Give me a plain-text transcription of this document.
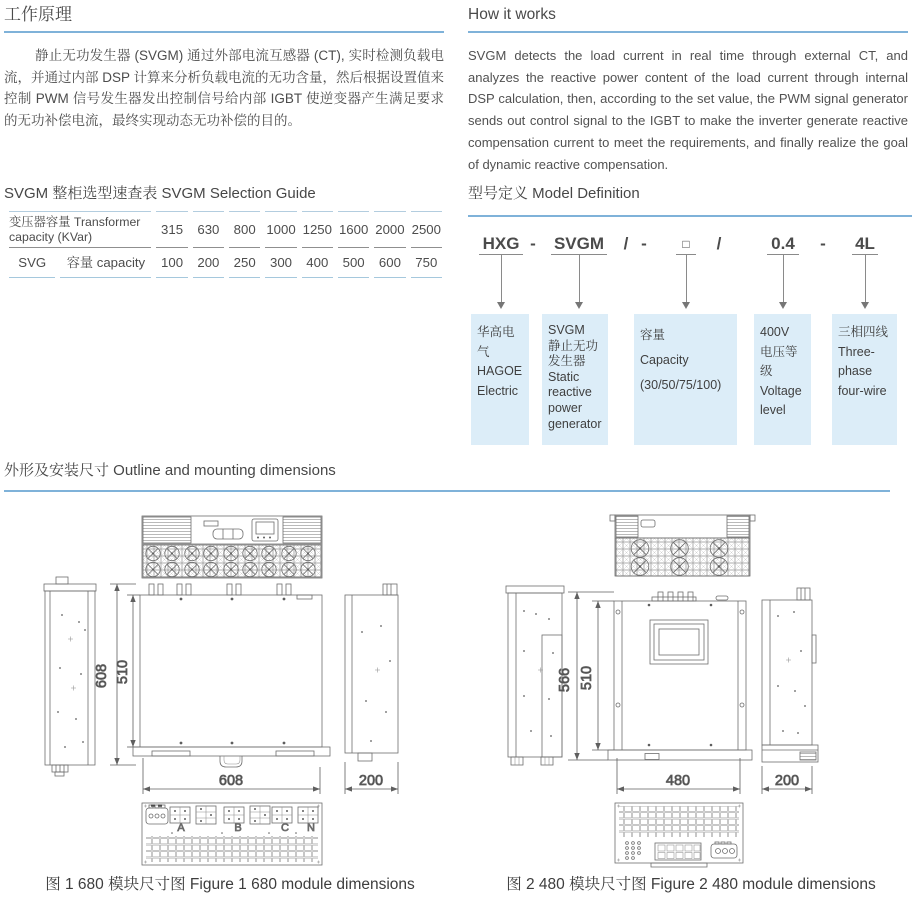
工作原理

静止无功发生器 (SVGM) 通过外部电流互感器 (CT), 实时检测负载电流，并通过内部 DSP 计算来分析负载电流的无功含量，然后根据设置值来控制 PWM 信号发生器发出控制信号给内部 IGBT 使逆变器产生满足要求的无功补偿电流，最终实现动态无功补偿的目的。

How it works

SVGM detects the load current in real time through external CT, and analyzes the reactive power content of the load current through internal DSP calculation, then, according to the set value, the PWM signal generator sends out control signal to the IGBT to make the inverter generate reactive compensation current to meet the requirements, and finally realize the goal of dynamic reactive compensation.

SVGM 整柜选型速查表 SVGM Selection Guide
变压器容量 Transformer capacity (KVar)		315	630	800	1000	1250	1600	2000	2500
SVG	容量 capacity	100	200	250	300	400	500	600	750
型号定义 Model Definition
HXG - SVGM / -	□ /	0.4 - 4L
华高电气
HAGOE
Electric
SVGM
静止无功
发生器
Static
reactive
power
generator
容量
Capacity
(30/50/75/100)
400V
电压等级
Voltage
level
三相四线
Three-
phase
four-wire
外形及安装尺寸 Outline and mounting dimensions
608 510
608	200
A	B	C N
566 510
480	200
图 1 680 模块尺寸图 Figure 1 680 module dimensions	图 2 480 模块尺寸图 Figure 2 480 module dimensions
